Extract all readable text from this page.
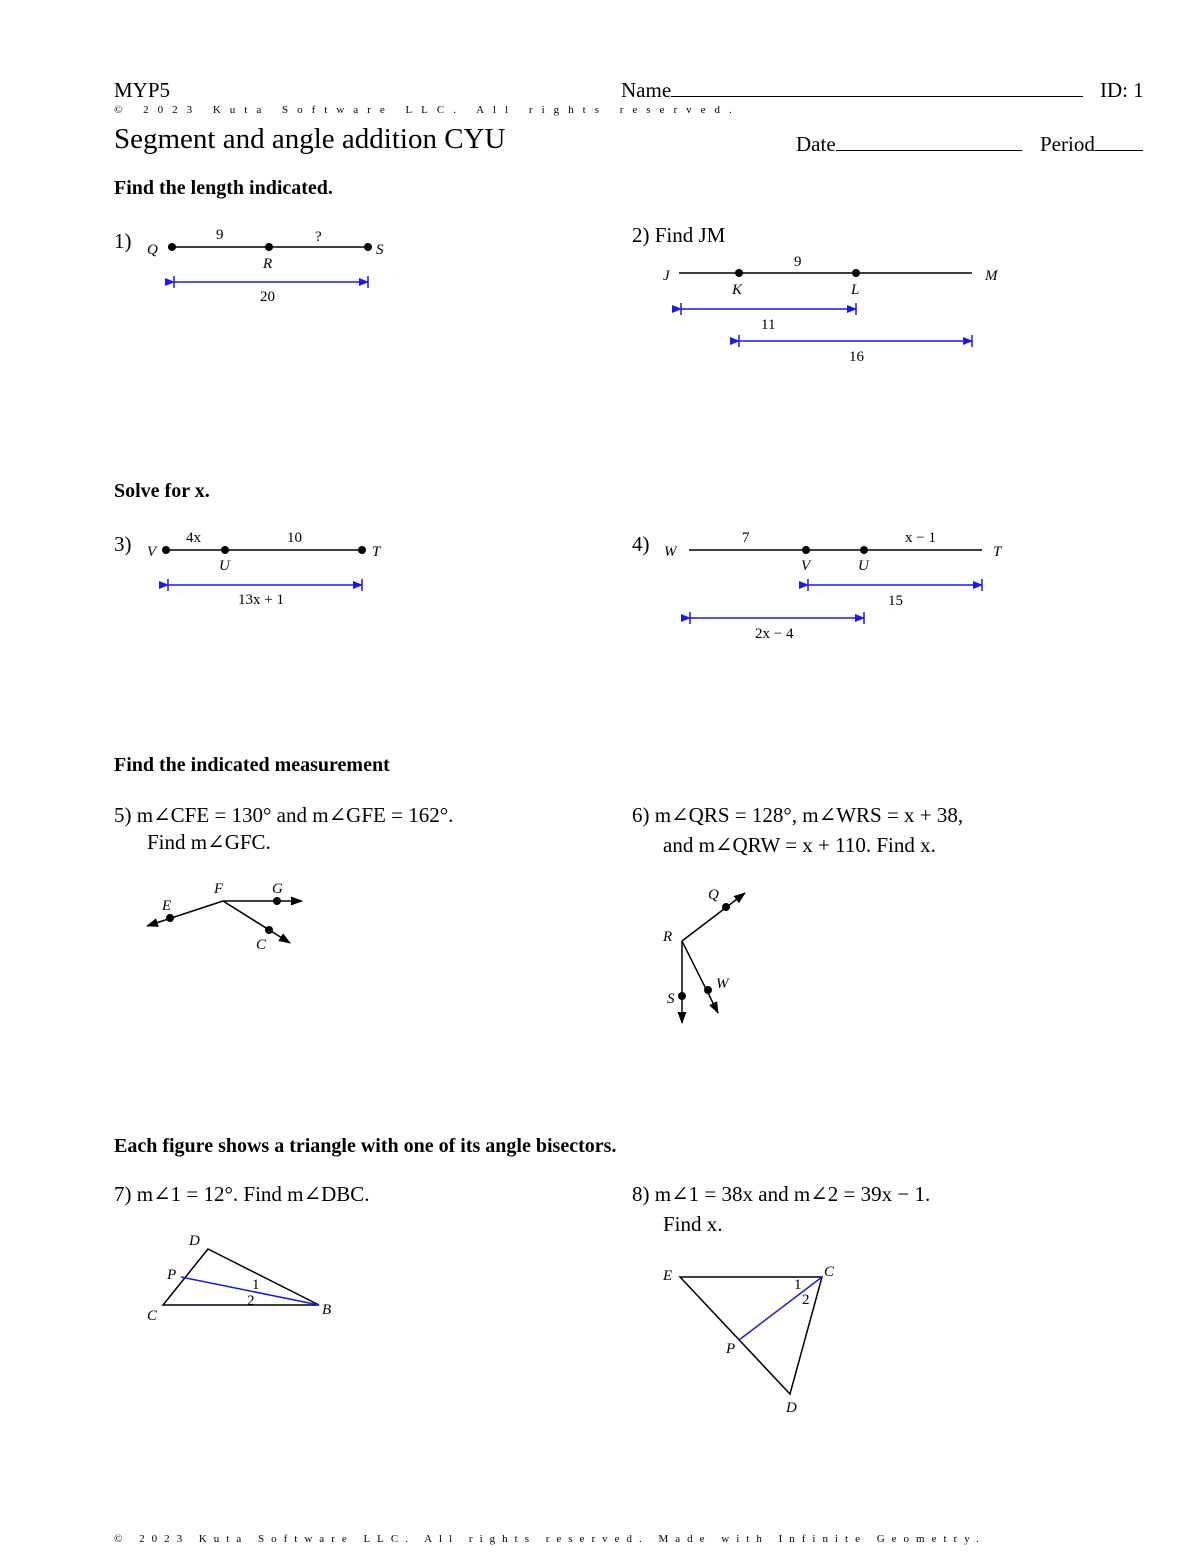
MYP5	Name	ID: 1
© 2023 Kuta Software LLC. All rights reserved.
Segment and angle addition CYU	Date	Period
Find the length indicated.
Solve for x.
Find the indicated measurement
Each figure shows a triangle with one of its angle bisectors.
1)	2) Find JM
3)	4)
5) m∠CFE = 130° and m∠GFE = 162°.
Find m∠GFC.
6) m∠QRS = 128°, m∠WRS = x + 38,
and m∠QRW = x + 110. Find x.
7) m∠1 = 12°. Find m∠DBC.	8) m∠1 = 38x and m∠2 = 39x − 1.
Find x.
Q
R
S
9	?
20
J
K	L
M
9
11
16
V
U
T
4x	10
13x + 1
W
V	U
T
7	x − 1
15
2x − 4
F	G
E
C
Q
R
S
W
D
P
C	B
1
2
E	C
P
D
1
2
© 2023 Kuta Software LLC. All rights reserved. Made with Infinite Geometry.
